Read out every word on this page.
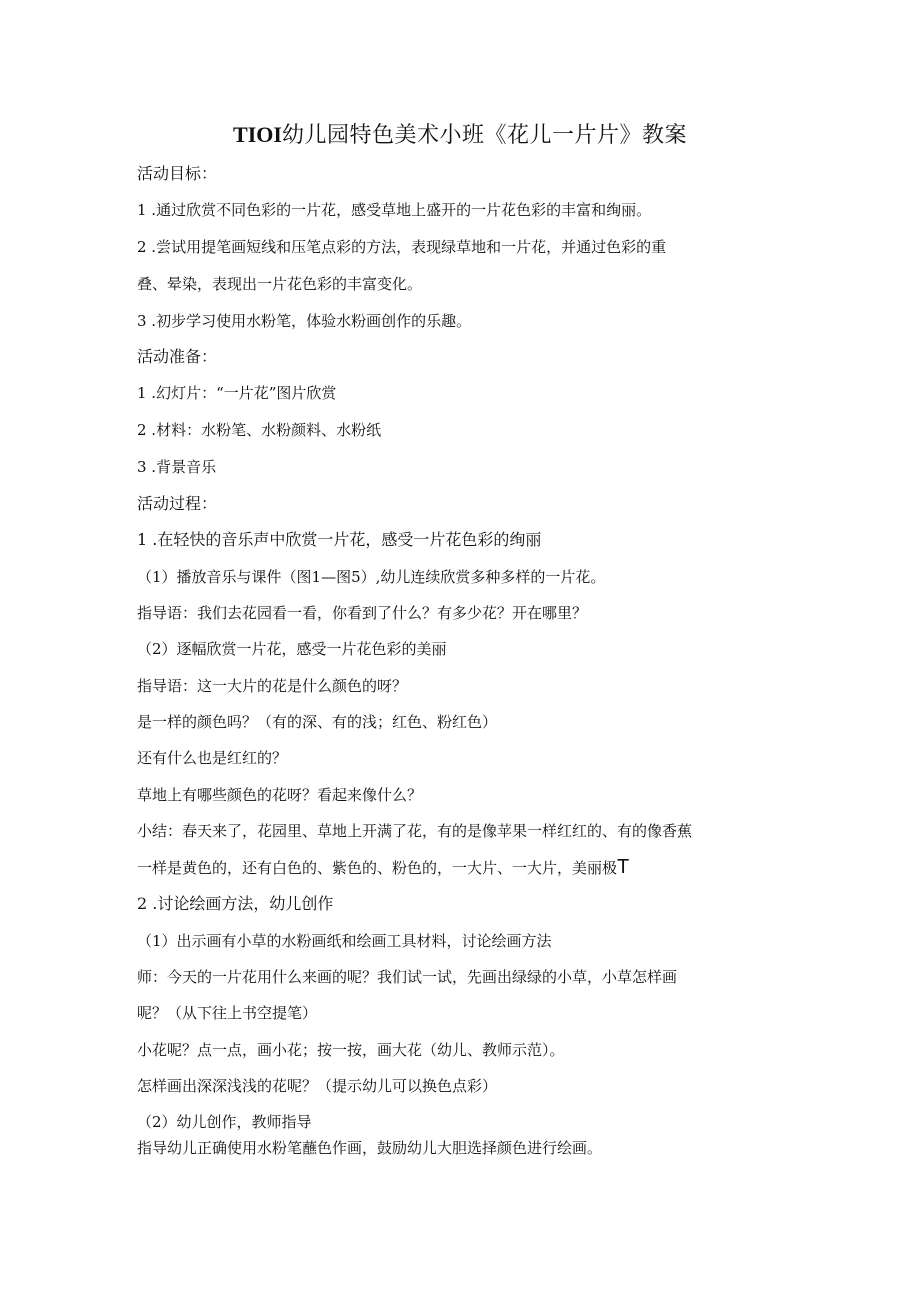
TIOI幼儿园特色美术小班《花儿一片片》教案
活动目标：
1 .通过欣赏不同色彩的一片花，感受草地上盛开的一片花色彩的丰富和绚丽。
2 .尝试用提笔画短线和压笔点彩的方法，表现绿草地和一片花，并通过色彩的重
叠、晕染，表现出一片花色彩的丰富变化。
3 .初步学习使用水粉笔，体验水粉画创作的乐趣。
活动准备：
1 .幻灯片：“一片花”图片欣赏
2 .材料：水粉笔、水粉颜料、水粉纸
3 .背景音乐
活动过程：
1 .在轻快的音乐声中欣赏一片花，感受一片花色彩的绚丽
（1）播放音乐与课件（图1—图5）,幼儿连续欣赏多种多样的一片花。
指导语：我们去花园看一看，你看到了什么？有多少花？开在哪里？
（2）逐幅欣赏一片花，感受一片花色彩的美丽
指导语：这一大片的花是什么颜色的呀？
是一样的颜色吗？（有的深、有的浅；红色、粉红色）
还有什么也是红红的？
草地上有哪些颜色的花呀？看起来像什么？
小结：春天来了，花园里、草地上开满了花，有的是像苹果一样红红的、有的像香蕉
一样是黄色的，还有白色的、紫色的、粉色的，一大片、一大片，美丽极T
2 .讨论绘画方法，幼儿创作
（1）出示画有小草的水粉画纸和绘画工具材料，讨论绘画方法
师：今天的一片花用什么来画的呢？我们试一试，先画出绿绿的小草，小草怎样画
呢？（从下往上书空提笔）
小花呢？点一点，画小花；按一按，画大花（幼儿、教师示范）。
怎样画出深深浅浅的花呢？（提示幼儿可以换色点彩）
（2）幼儿创作，教师指导
指导幼儿正确使用水粉笔蘸色作画，鼓励幼儿大胆选择颜色进行绘画。
